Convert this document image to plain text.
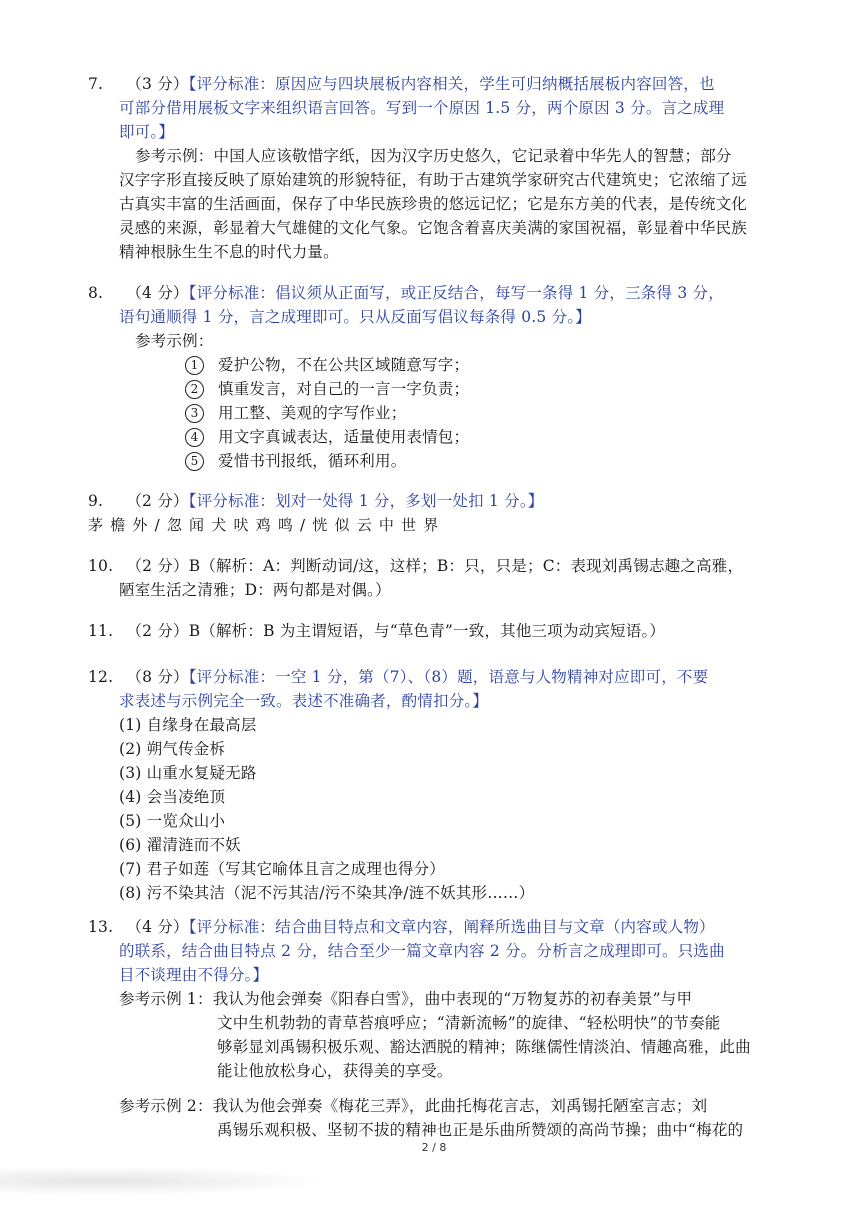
7. （3 分）【评分标准：原因应与四块展板内容相关，学生可归纳概括展板内容回答，也
可部分借用展板文字来组织语言回答。写到一个原因 1.5 分，两个原因 3 分。言之成理
即可。】
参考示例：中国人应该敬惜字纸，因为汉字历史悠久，它记录着中华先人的智慧；部分
汉字字形直接反映了原始建筑的形貌特征，有助于古建筑学家研究古代建筑史；它浓缩了远
古真实丰富的生活画面，保存了中华民族珍贵的悠远记忆；它是东方美的代表，是传统文化
灵感的来源，彰显着大气雄健的文化气象。它饱含着喜庆美满的家国祝福，彰显着中华民族
精神根脉生生不息的时代力量。
8. （4 分）【评分标准：倡议须从正面写，或正反结合，每写一条得 1 分，三条得 3 分，
语句通顺得 1 分，言之成理即可。只从反面写倡议每条得 0.5 分。】
参考示例：
1 爱护公物，不在公共区域随意写字；
2 慎重发言，对自己的一言一字负责；
3 用工整、美观的字写作业；
4 用文字真诚表达，适量使用表情包；
5 爱惜书刊报纸，循环利用。
9. （2 分）【评分标准：划对一处得 1 分，多划一处扣 1 分。】
茅檐外/忽闻犬吠鸡鸣/恍似云中世界
10. （2 分）B（解析：A：判断动词/这，这样；B：只，只是；C：表现刘禹锡志趣之高雅，
陋室生活之清雅；D：两句都是对偶。）
11. （2 分）B（解析：B 为主谓短语，与“草色青”一致，其他三项为动宾短语。）
12. （8 分）【评分标准：一空 1 分，第（7）、（8）题，语意与人物精神对应即可，不要
求表述与示例完全一致。表述不准确者，酌情扣分。】
(1) 自缘身在最高层
(2) 朔气传金柝
(3) 山重水复疑无路
(4) 会当凌绝顶
(5) 一览众山小
(6) 濯清涟而不妖
(7) 君子如莲（写其它喻体且言之成理也得分）
(8) 污不染其洁（泥不污其洁/污不染其净/涟不妖其形……）
13. （4 分）【评分标准：结合曲目特点和文章内容，阐释所选曲目与文章（内容或人物）
的联系，结合曲目特点 2 分，结合至少一篇文章内容 2 分。分析言之成理即可。只选曲
目不谈理由不得分。】
参考示例 1：我认为他会弹奏《阳春白雪》，曲中表现的“万物复苏的初春美景”与甲
文中生机勃勃的青草苔痕呼应；“清新流畅”的旋律、“轻松明快”的节奏能
够彰显刘禹锡积极乐观、豁达洒脱的精神；陈继儒性情淡泊、情趣高雅，此曲
能让他放松身心，获得美的享受。
参考示例 2：我认为他会弹奏《梅花三弄》，此曲托梅花言志，刘禹锡托陋室言志；刘
禹锡乐观积极、坚韧不拔的精神也正是乐曲所赞颂的高尚节操；曲中“梅花的
2 / 8
